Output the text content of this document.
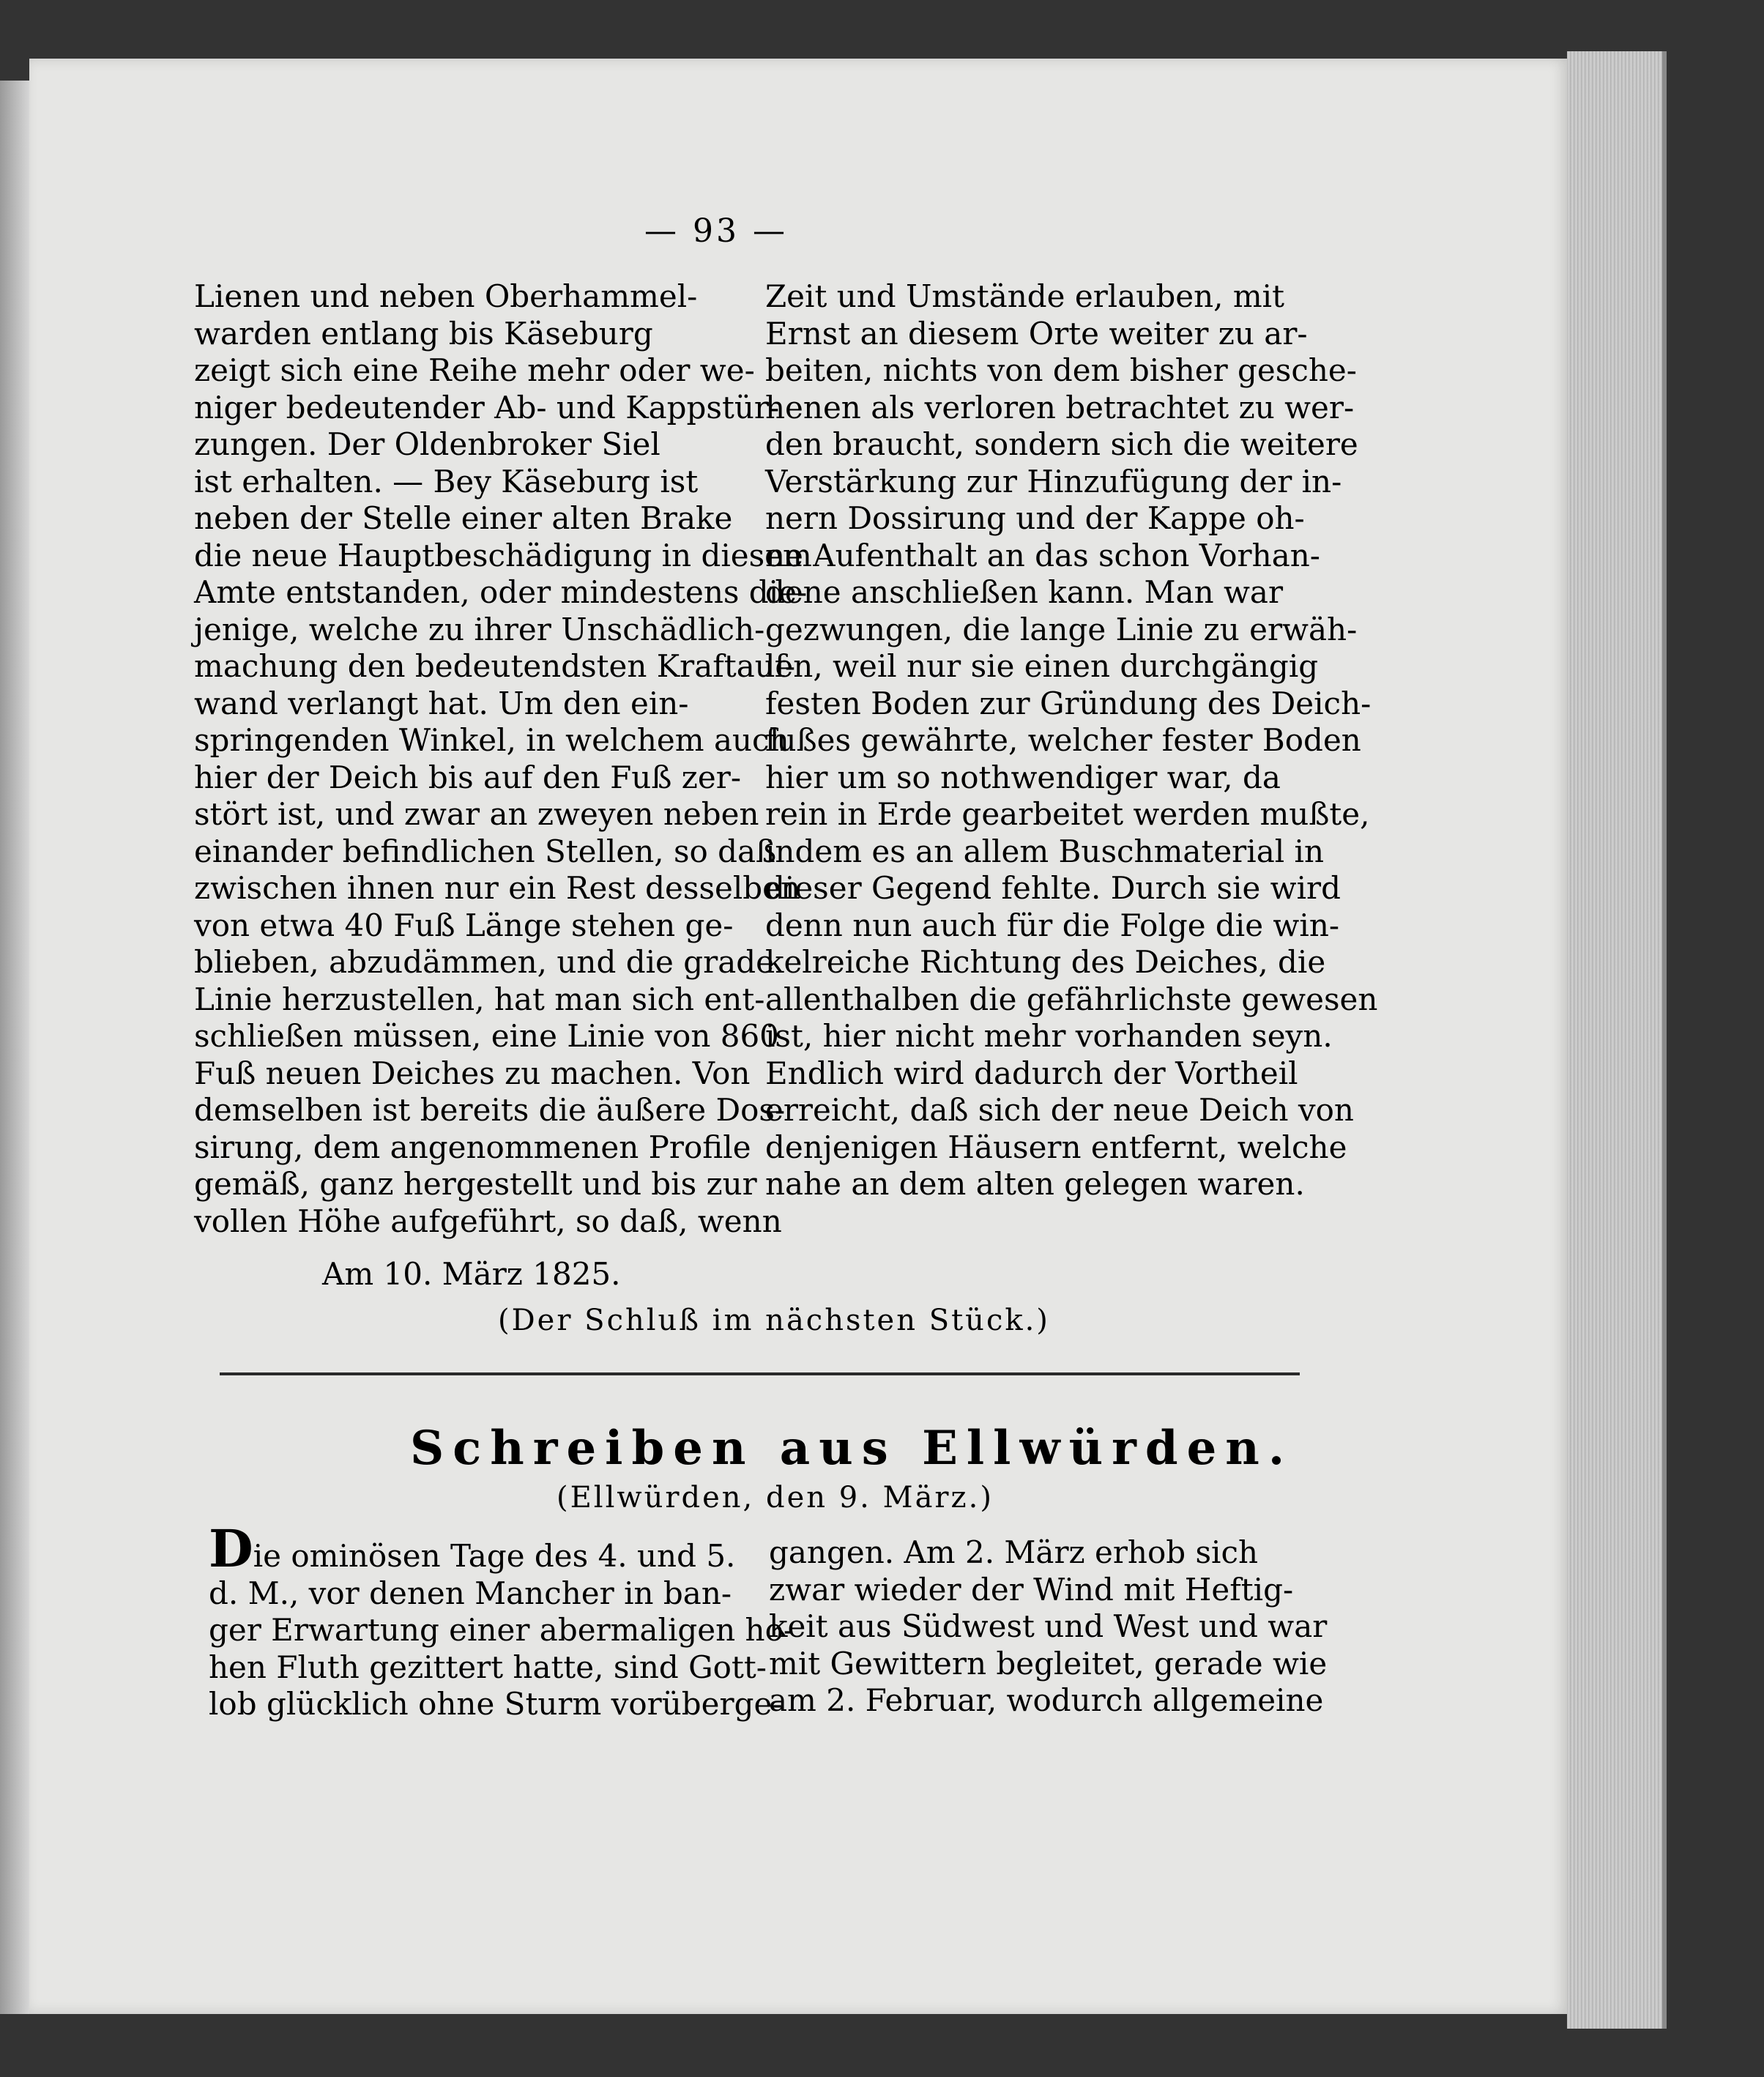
— 93 —
Lienen und neben Oberhammel-
warden entlang bis Käseburg
zeigt sich eine Reihe mehr oder we-
niger bedeutender Ab- und Kappstür-
zungen. Der Oldenbroker Siel
ist erhalten. — Bey Käseburg ist
neben der Stelle einer alten Brake
die neue Hauptbeschädigung in diesem
Amte entstanden, oder mindestens die-
jenige, welche zu ihrer Unschädlich-
machung den bedeutendsten Kraftauf-
wand verlangt hat. Um den ein-
springenden Winkel, in welchem auch
hier der Deich bis auf den Fuß zer-
stört ist, und zwar an zweyen neben
einander befindlichen Stellen, so daß
zwischen ihnen nur ein Rest desselben
von etwa 40 Fuß Länge stehen ge-
blieben, abzudämmen, und die grade
Linie herzustellen, hat man sich ent-
schließen müssen, eine Linie von 860
Fuß neuen Deiches zu machen. Von
demselben ist bereits die äußere Dos-
sirung, dem angenommenen Profile
gemäß, ganz hergestellt und bis zur
vollen Höhe aufgeführt, so daß, wenn
Zeit und Umstände erlauben, mit
Ernst an diesem Orte weiter zu ar-
beiten, nichts von dem bisher gesche-
henen als verloren betrachtet zu wer-
den braucht, sondern sich die weitere
Verstärkung zur Hinzufügung der in-
nern Dossirung und der Kappe oh-
ne Aufenthalt an das schon Vorhan-
dene anschließen kann. Man war
gezwungen, die lange Linie zu erwäh-
len, weil nur sie einen durchgängig
festen Boden zur Gründung des Deich-
fußes gewährte, welcher fester Boden
hier um so nothwendiger war, da
rein in Erde gearbeitet werden mußte,
indem es an allem Buschmaterial in
dieser Gegend fehlte. Durch sie wird
denn nun auch für die Folge die win-
kelreiche Richtung des Deiches, die
allenthalben die gefährlichste gewesen
ist, hier nicht mehr vorhanden seyn.
Endlich wird dadurch der Vortheil
erreicht, daß sich der neue Deich von
denjenigen Häusern entfernt, welche
nahe an dem alten gelegen waren.
Am 10. März 1825.
(Der Schluß im nächsten Stück.)
Schreiben aus Ellwürden.
(Ellwürden, den 9. März.)
Die ominösen Tage des 4. und 5.
d. M., vor denen Mancher in ban-
ger Erwartung einer abermaligen ho-
hen Fluth gezittert hatte, sind Gott-
lob glücklich ohne Sturm vorüberge-
gangen. Am 2. März erhob sich
zwar wieder der Wind mit Heftig-
keit aus Südwest und West und war
mit Gewittern begleitet, gerade wie
am 2. Februar, wodurch allgemeine
